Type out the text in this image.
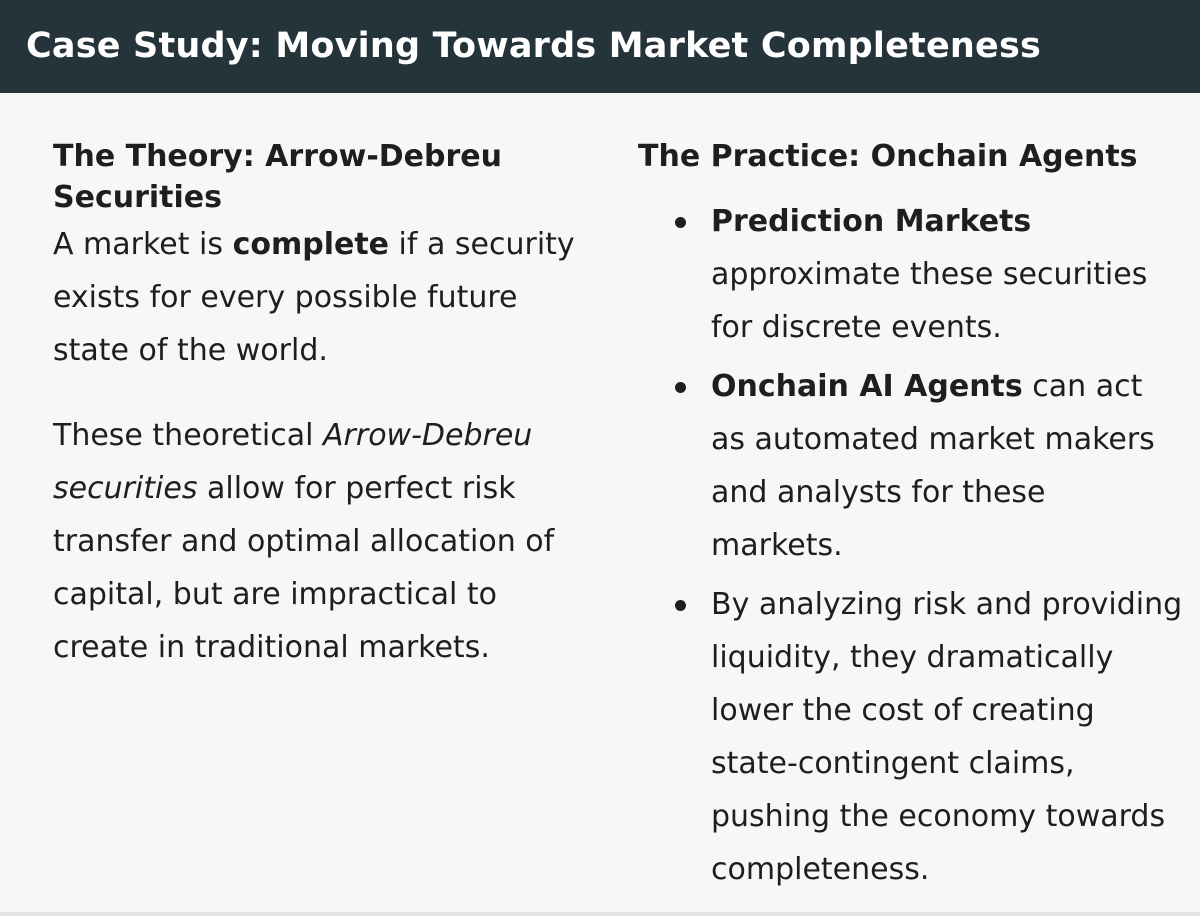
Case Study: Moving Towards Market Completeness
The Theory: Arrow-Debreu Securities

A market is complete if a security exists for every possible future state of the world.

These theoretical Arrow-Debreu securities allow for perfect risk transfer and optimal allocation of capital, but are impractical to create in traditional markets.

The Practice: Onchain Agents
Prediction Markets approximate these securities for discrete events.
Onchain AI Agents can act as automated market makers and analysts for these markets.
By analyzing risk and providing liquidity, they dramatically lower the cost of creating state-contingent claims, pushing the economy towards completeness.
